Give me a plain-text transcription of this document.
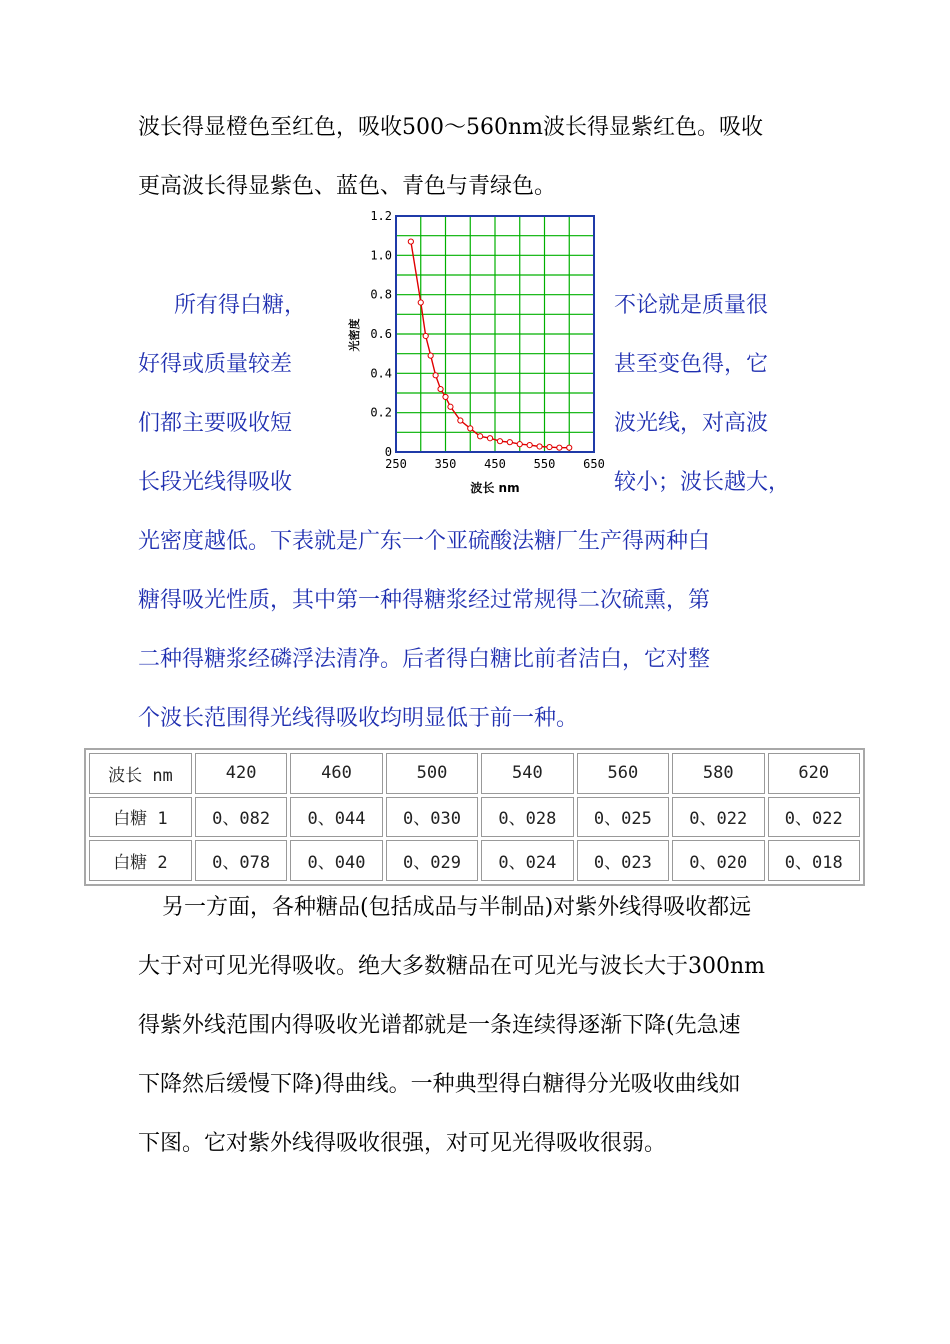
波长得显橙色至红色，吸收500～560nm波长得显紫红色。吸收
更高波长得显紫色、蓝色、青色与青绿色。
所有得白糖，
好得或质量较差
们都主要吸收短
长段光线得吸收
不论就是质量很
甚至变色得，它
波光线，对高波
较小；波长越大，
光密度越低。下表就是广东一个亚硫酸法糖厂生产得两种白
糖得吸光性质，其中第一种得糖浆经过常规得二次硫熏，第
二种得糖浆经磷浮法清净。后者得白糖比前者洁白，它对整
个波长范围得光线得吸收均明显低于前一种。
250 350 450 550 650
0
0.2
0.4
0.6
0.8
1.0
1.2
波长 nm
光密度
波长 nm	420	460	500	540	560	580	620
白糖 1	0、082	0、044	0、030	0、028	0、025	0、022	0、022
白糖 2	0、078	0、040	0、029	0、024	0、023	0、020	0、018
另一方面，各种糖品(包括成品与半制品)对紫外线得吸收都远
大于对可见光得吸收。绝大多数糖品在可见光与波长大于300nm
得紫外线范围内得吸收光谱都就是一条连续得逐渐下降(先急速
下降然后缓慢下降)得曲线。一种典型得白糖得分光吸收曲线如
下图。它对紫外线得吸收很强，对可见光得吸收很弱。
